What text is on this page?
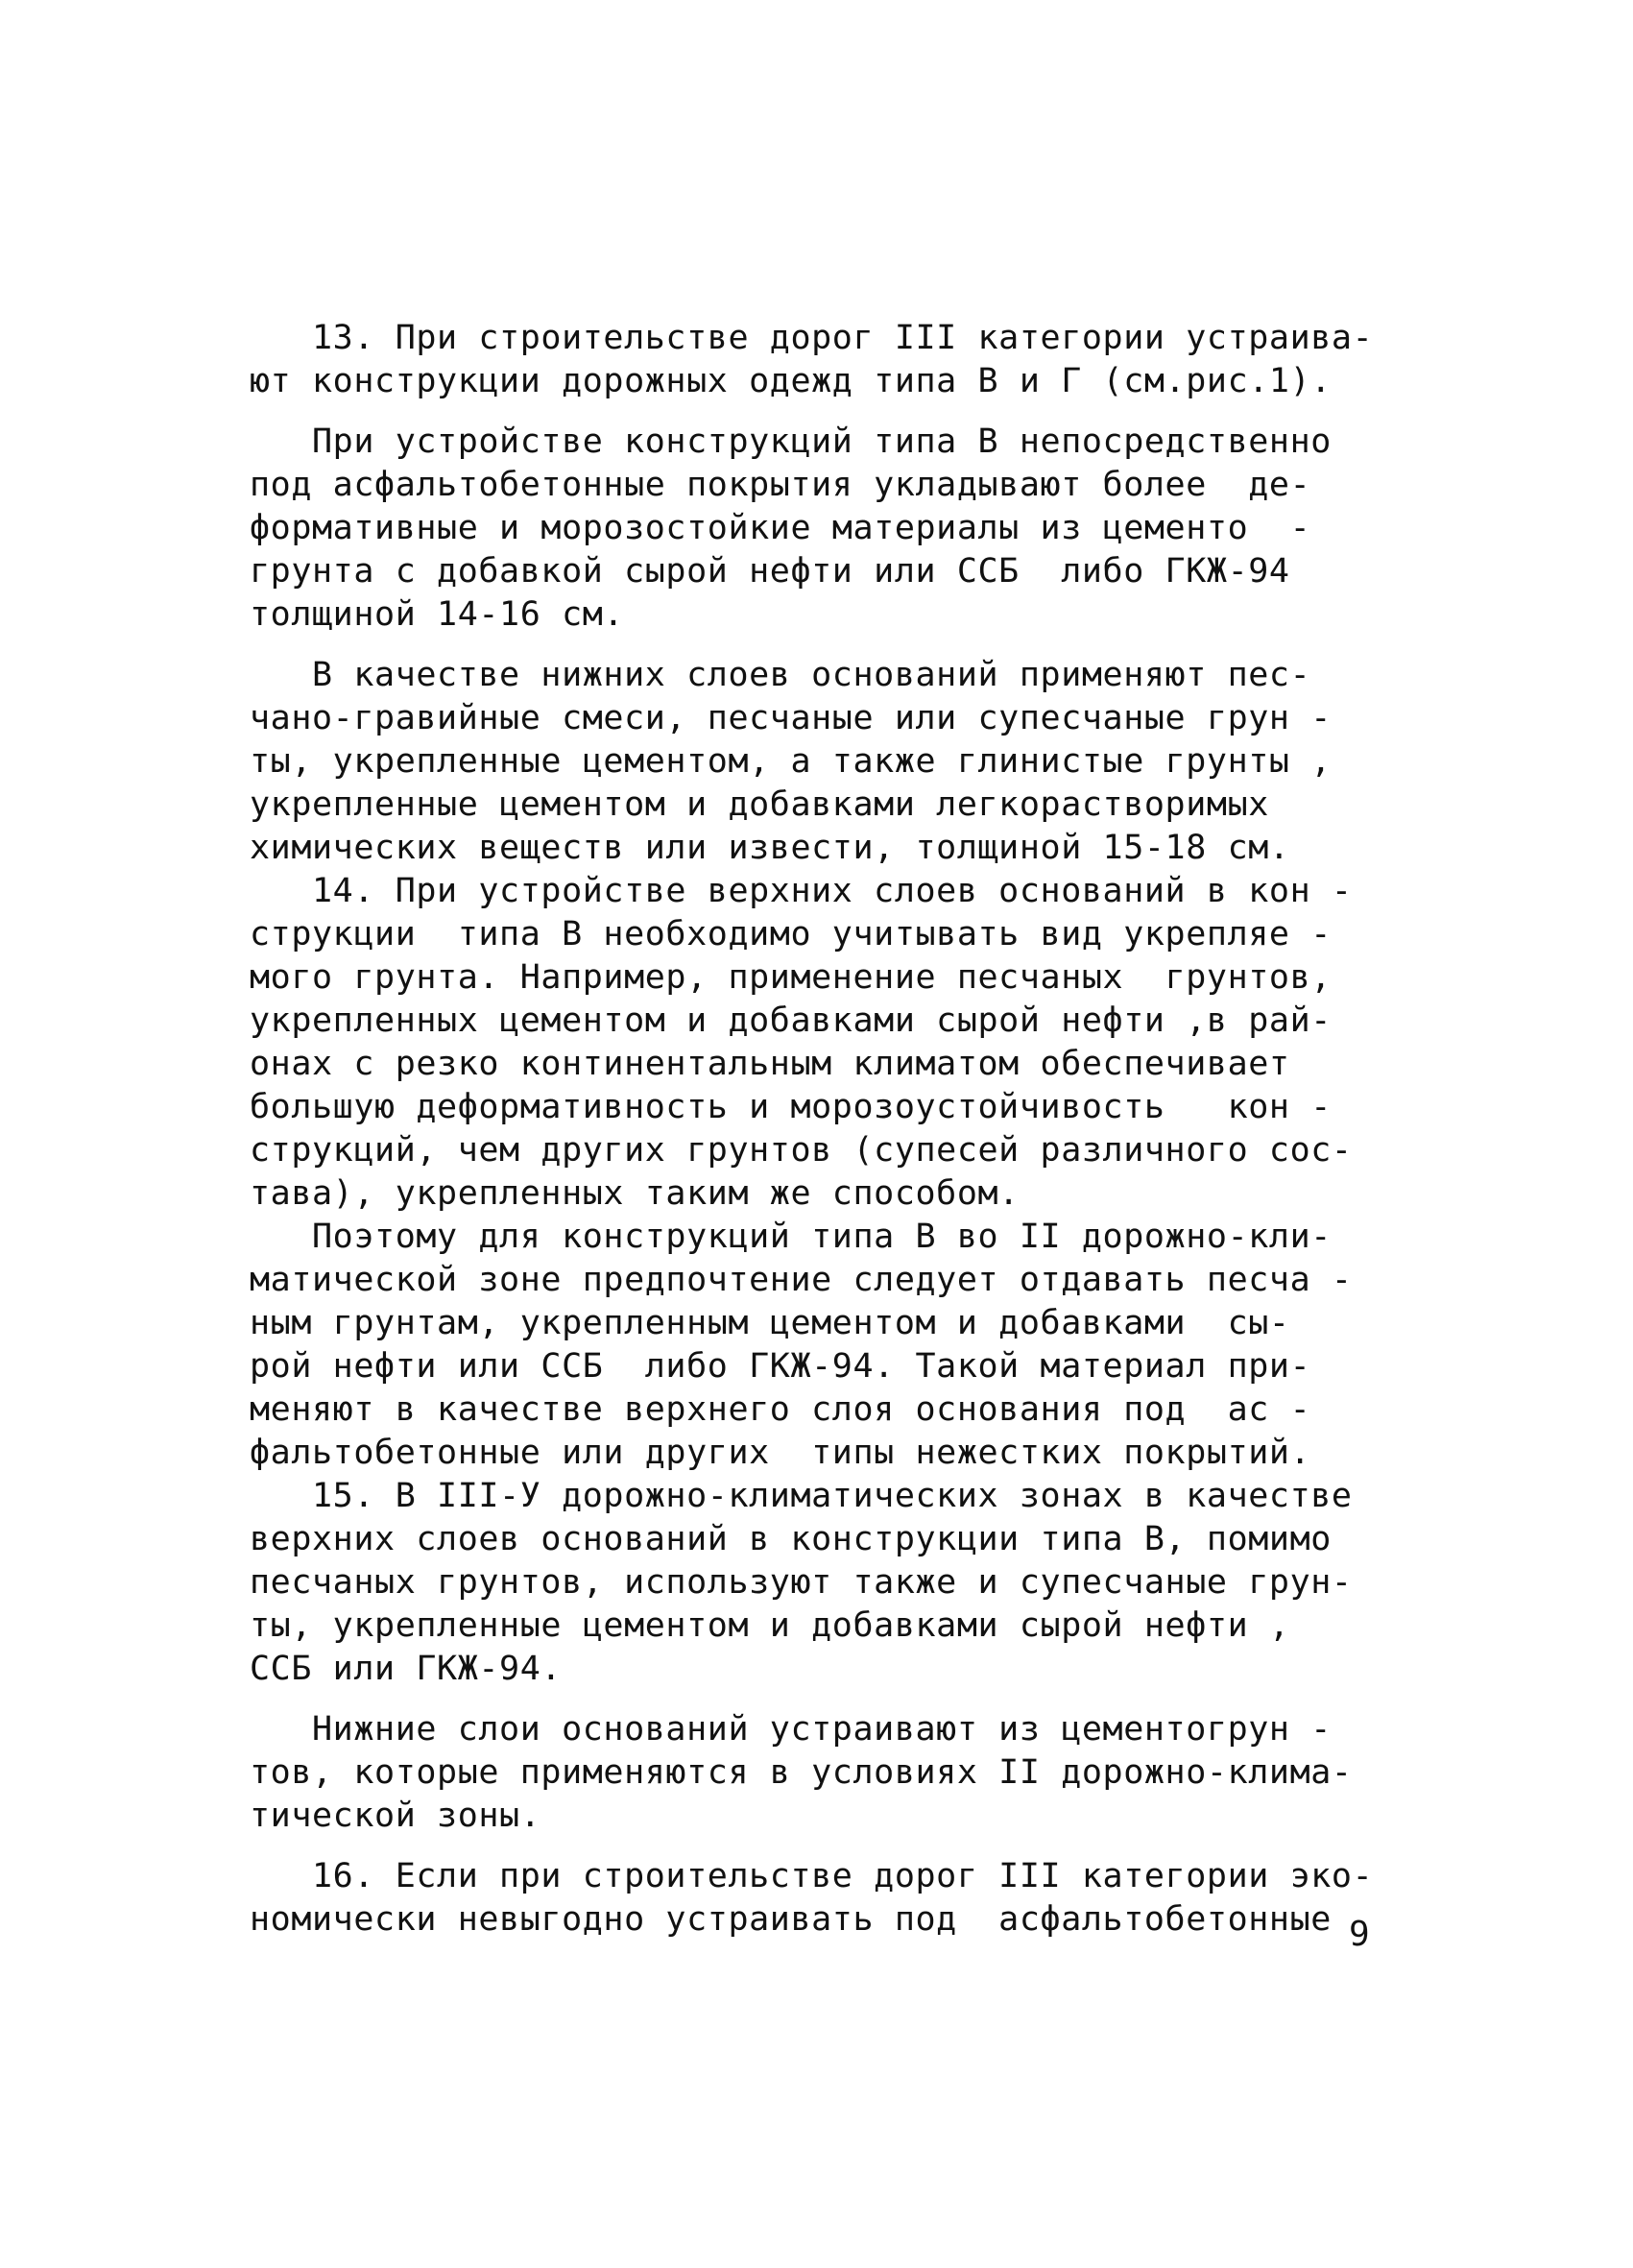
13. При строительстве дорог III категории устраива-
ют конструкции дорожных одежд типа В и Г (см.рис.1).
При устройстве конструкций типа В непосредственно
под асфальтобетонные покрытия укладывают более  де-
формативные и морозостойкие материалы из цементо  -
грунта с добавкой сырой нефти или ССБ  либо ГКЖ-94
толщиной 14-16 см.
В качестве нижних слоев оснований применяют пес-
чано-гравийные смеси, песчаные или супесчаные грун -
ты, укрепленные цементом, а также глинистые грунты ,
укрепленные цементом и добавками легкорастворимых
химических веществ или извести, толщиной 15-18 см.
14. При устройстве верхних слоев оснований в кон -
струкции  типа В необходимо учитывать вид укрепляе -
мого грунта. Например, применение песчаных  грунтов,
укрепленных цементом и добавками сырой нефти ,в рай-
онах с резко континентальным климатом обеспечивает
большую деформативность и морозоустойчивость   кон -
струкций, чем других грунтов (супесей различного сос-
тава), укрепленных таким же способом.
Поэтому для конструкций типа В во II дорожно-кли-
матической зоне предпочтение следует отдавать песча -
ным грунтам, укрепленным цементом и добавками  сы-
рой нефти или ССБ  либо ГКЖ-94. Такой материал при-
меняют в качестве верхнего слоя основания под  ас -
фальтобетонные или других  типы нежестких покрытий.
15. В III-У дорожно-климатических зонах в качестве
верхних слоев оснований в конструкции типа В, помимо
песчаных грунтов, используют также и супесчаные грун-
ты, укрепленные цементом и добавками сырой нефти ,
ССБ или ГКЖ-94.
Нижние слои оснований устраивают из цементогрун -
тов, которые применяются в условиях II дорожно-клима-
тической зоны.
16. Если при строительстве дорог III категории эко-
номически невыгодно устраивать под  асфальтобетонные 9
